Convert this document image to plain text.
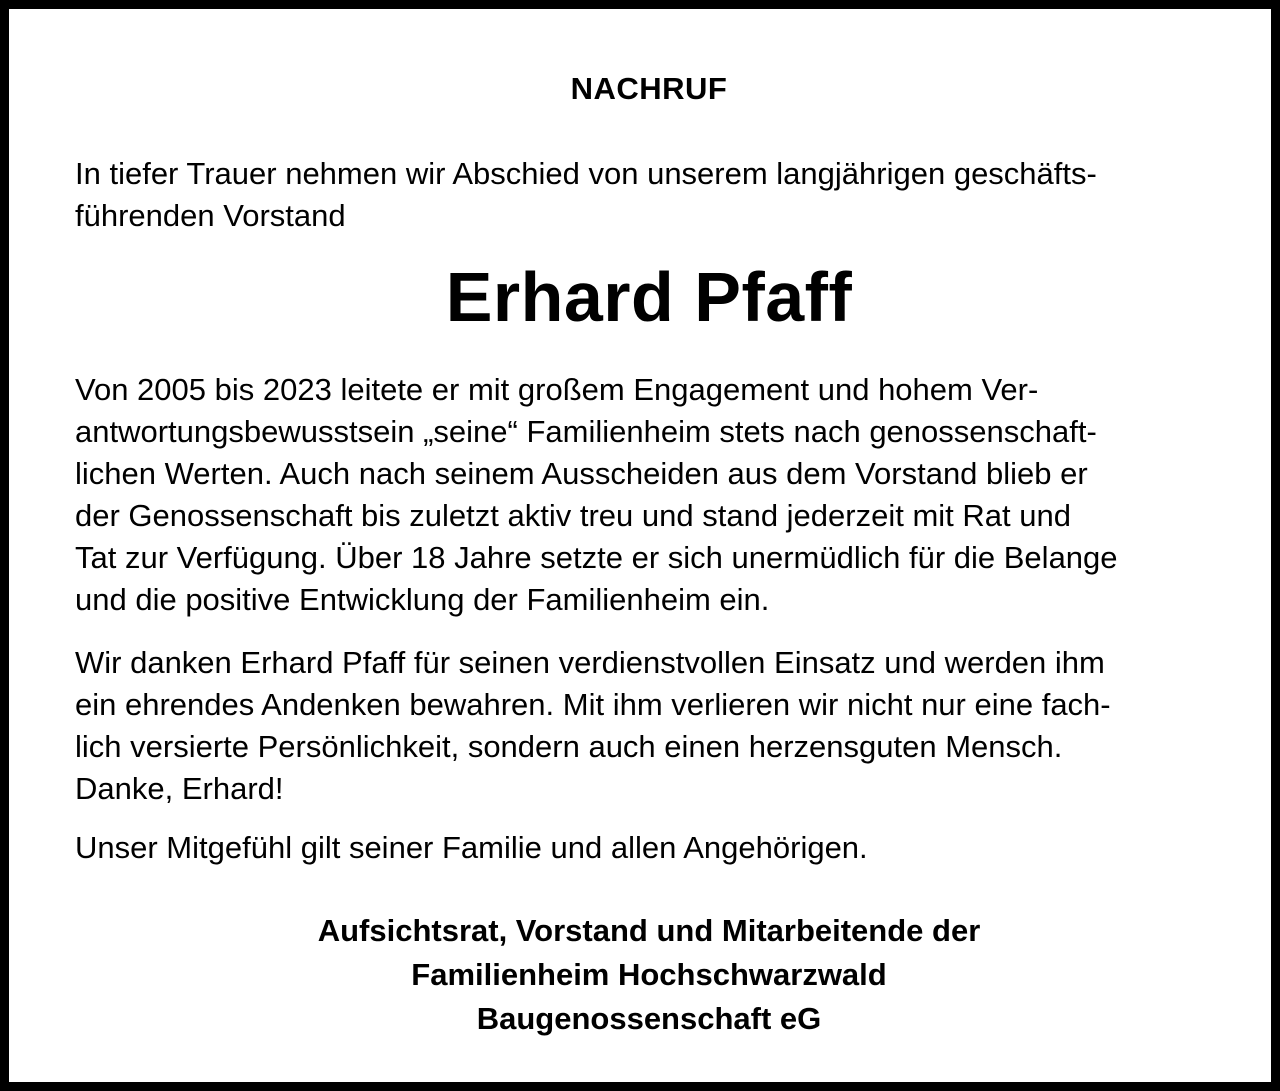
NACHRUF
In tiefer Trauer nehmen wir Abschied von unserem langjährigen geschäfts-
führenden Vorstand
Erhard Pfaff
Von 2005 bis 2023 leitete er mit großem Engagement und hohem Ver-
antwortungsbewusstsein „seine“ Familienheim stets nach genossenschaft-
lichen Werten. Auch nach seinem Ausscheiden aus dem Vorstand blieb er
der Genossenschaft bis zuletzt aktiv treu und stand jederzeit mit Rat und
Tat zur Verfügung. Über 18 Jahre setzte er sich unermüdlich für die Belange
und die positive Entwicklung der Familienheim ein.
Wir danken Erhard Pfaff für seinen verdienstvollen Einsatz und werden ihm
ein ehrendes Andenken bewahren. Mit ihm verlieren wir nicht nur eine fach-
lich versierte Persönlichkeit, sondern auch einen herzensguten Mensch.
Danke, Erhard!
Unser Mitgefühl gilt seiner Familie und allen Angehörigen.
Aufsichtsrat, Vorstand und Mitarbeitende der
Familienheim Hochschwarzwald
Baugenossenschaft eG
